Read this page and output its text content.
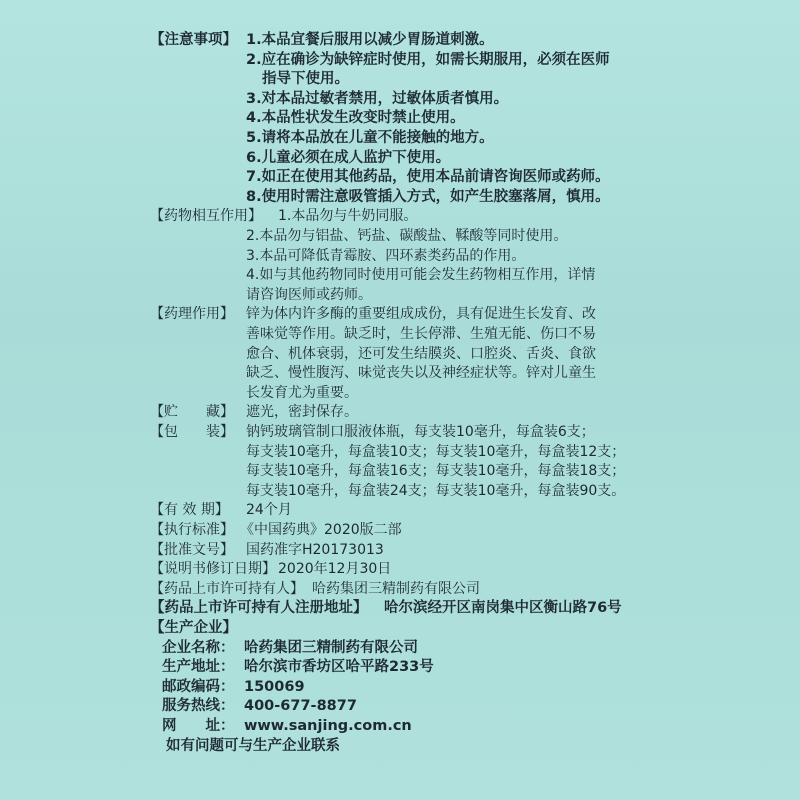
【注意事项】 1.本品宜餐后服用以减少胃肠道刺激。
2.应在确诊为缺锌症时使用，如需长期服用，必须在医师
指导下使用。
3.对本品过敏者禁用，过敏体质者慎用。
4.本品性状发生改变时禁止使用。
5.请将本品放在儿童不能接触的地方。
6.儿童必须在成人监护下使用。
7.如正在使用其他药品，使用本品前请咨询医师或药师。
8.使用时需注意吸管插入方式，如产生胶塞落屑，慎用。
【药物相互作用】 1.本品勿与牛奶同服。
2.本品勿与铝盐、钙盐、碳酸盐、鞣酸等同时使用。
3.本品可降低青霉胺、四环素类药品的作用。
4.如与其他药物同时使用可能会发生药物相互作用，详情
请咨询医师或药师。
【药理作用】 锌为体内许多酶的重要组成成份，具有促进生长发育、改
善味觉等作用。缺乏时，生长停滞、生殖无能、伤口不易
愈合、机体衰弱，还可发生结膜炎、口腔炎、舌炎、食欲
缺乏、慢性腹泻、味觉丧失以及神经症状等。锌对儿童生
长发育尤为重要。
【贮　　藏】 遮光，密封保存。
【包　　装】 钠钙玻璃管制口服液体瓶，每支装10毫升，每盒装6支；
每支装10毫升，每盒装10支；每支装10毫升，每盒装12支；
每支装10毫升，每盒装16支；每支装10毫升，每盒装18支；
每支装10毫升，每盒装24支；每支装10毫升，每盒装90支。
【有 效 期】 24个月
【执行标准】 《中国药典》2020版二部
【批准文号】 国药准字H20173013
【说明书修订日期】 2020年12月30日
【药品上市许可持有人】 哈药集团三精制药有限公司
【药品上市许可持有人注册地址】 哈尔滨经开区南岗集中区衡山路76号
【生产企业】
企业名称： 哈药集团三精制药有限公司
生产地址： 哈尔滨市香坊区哈平路233号
邮政编码： 150069
服务热线： 400-677-8877
网　　址： www.sanjing.com.cn
如有问题可与生产企业联系
